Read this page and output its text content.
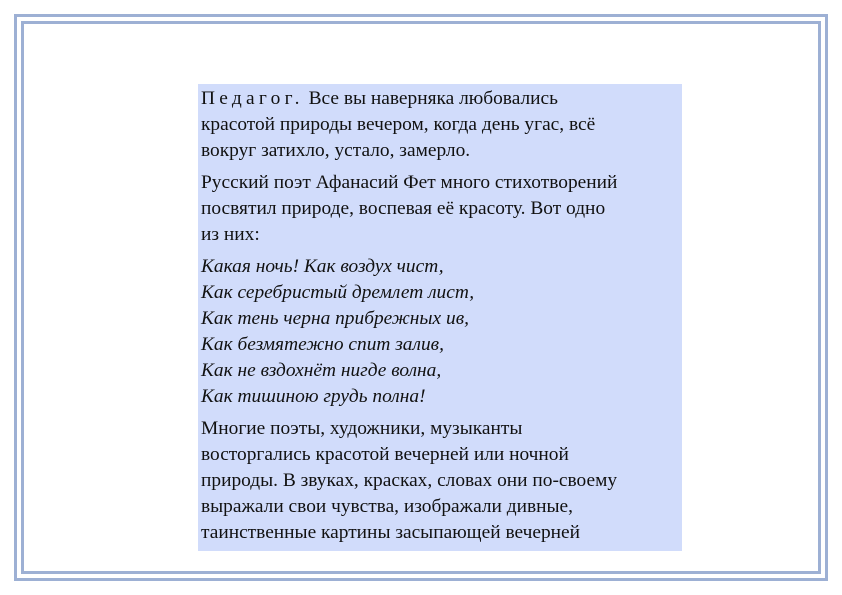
Педагог. Все вы наверняка любовались
красотой природы вечером, когда день угас, всё
вокруг затихло, устало, замерло.
Русский поэт Афанасий Фет много стихотворений
посвятил природе, воспевая её красоту. Вот одно
из них:
Какая ночь! Как воздух чист,
Как серебристый дремлет лист,
Как тень черна прибрежных ив,
Как безмятежно спит залив,
Как не вздохнёт нигде волна,
Как тишиною грудь полна!
Многие поэты, художники, музыканты
восторгались красотой вечерней или ночной
природы. В звуках, красках, словах они по-своему
выражали свои чувства, изображали дивные,
таинственные картины засыпающей вечерней
